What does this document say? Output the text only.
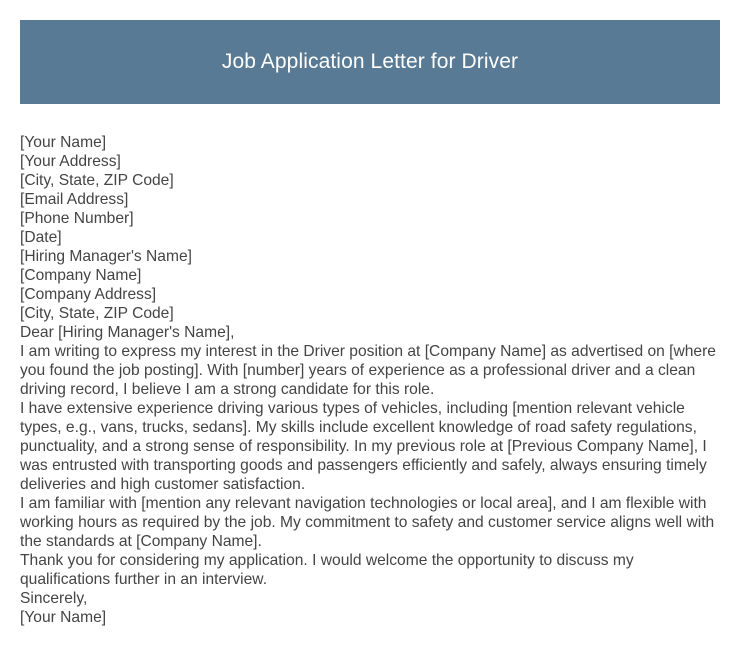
Job Application Letter for Driver
[Your Name]
[Your Address]
[City, State, ZIP Code]
[Email Address]
[Phone Number]
[Date]
[Hiring Manager's Name]
[Company Name]
[Company Address]
[City, State, ZIP Code]
Dear [Hiring Manager's Name],
I am writing to express my interest in the Driver position at [Company Name] as advertised on [where you found the job posting]. With [number] years of experience as a professional driver and a clean driving record, I believe I am a strong candidate for this role.
I have extensive experience driving various types of vehicles, including [mention relevant vehicle types, e.g., vans, trucks, sedans]. My skills include excellent knowledge of road safety regulations, punctuality, and a strong sense of responsibility. In my previous role at [Previous Company Name], I was entrusted with transporting goods and passengers efficiently and safely, always ensuring timely deliveries and high customer satisfaction.
I am familiar with [mention any relevant navigation technologies or local area], and I am flexible with working hours as required by the job. My commitment to safety and customer service aligns well with the standards at [Company Name].
Thank you for considering my application. I would welcome the opportunity to discuss my qualifications further in an interview.
Sincerely,
[Your Name]
